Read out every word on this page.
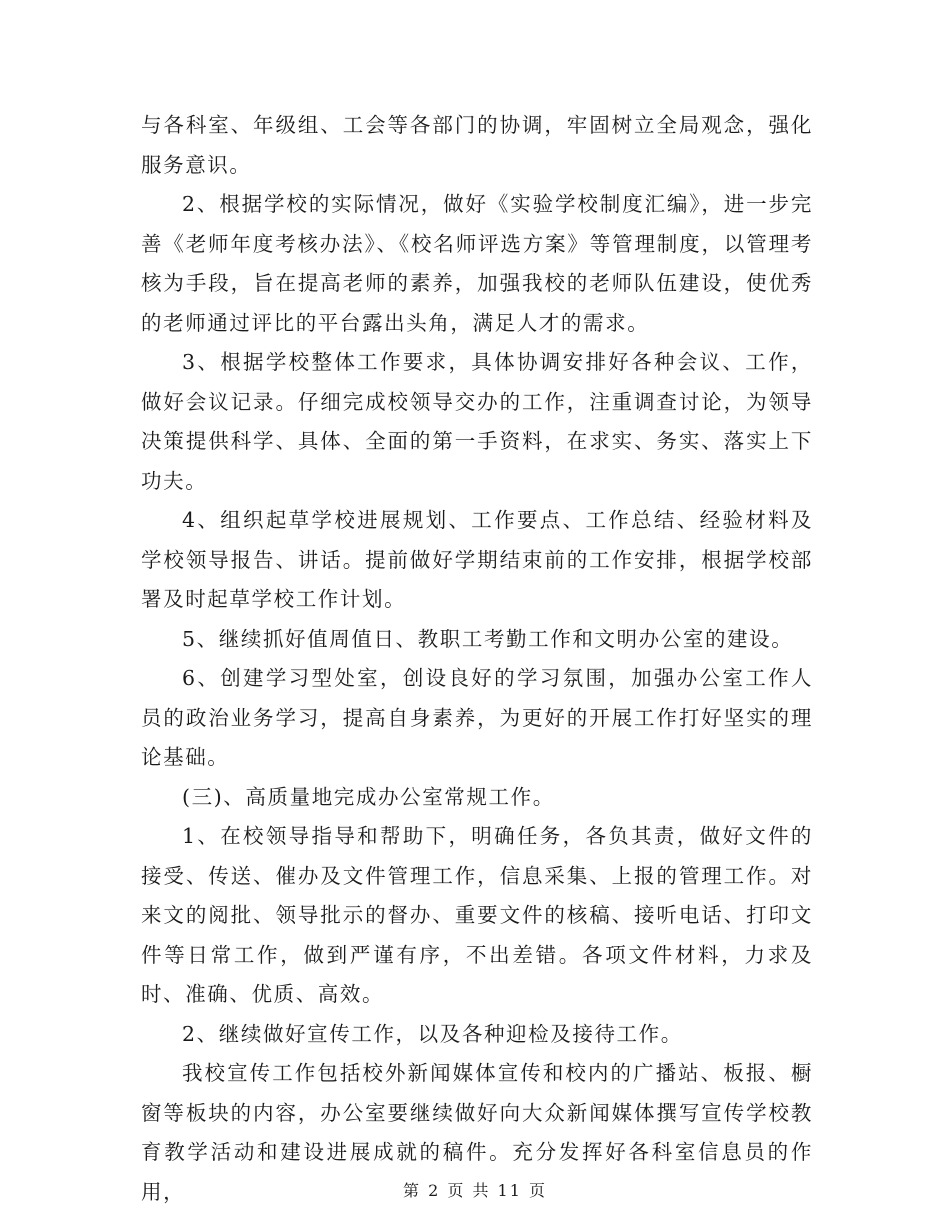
与各科室、年级组、工会等各部门的协调，牢固树立全局观念，强化服务意识。

2、根据学校的实际情况，做好《实验学校制度汇编》，进一步完善《老师年度考核办法》、《校名师评选方案》等管理制度，以管理考核为手段，旨在提高老师的素养，加强我校的老师队伍建设，使优秀的老师通过评比的平台露出头角，满足人才的需求。

3、根据学校整体工作要求，具体协调安排好各种会议、工作，做好会议记录。仔细完成校领导交办的工作，注重调查讨论，为领导决策提供科学、具体、全面的第一手资料，在求实、务实、落实上下功夫。

4、组织起草学校进展规划、工作要点、工作总结、经验材料及学校领导报告、讲话。提前做好学期结束前的工作安排，根据学校部署及时起草学校工作计划。

5、继续抓好值周值日、教职工考勤工作和文明办公室的建设。

6、创建学习型处室，创设良好的学习氛围，加强办公室工作人员的政治业务学习，提高自身素养，为更好的开展工作打好坚实的理论基础。

(三)、高质量地完成办公室常规工作。

1、在校领导指导和帮助下，明确任务，各负其责，做好文件的接受、传送、催办及文件管理工作，信息采集、上报的管理工作。对来文的阅批、领导批示的督办、重要文件的核稿、接听电话、打印文件等日常工作，做到严谨有序，不出差错。各项文件材料，力求及时、准确、优质、高效。

2、继续做好宣传工作，以及各种迎检及接待工作。

我校宣传工作包括校外新闻媒体宣传和校内的广播站、板报、橱窗等板块的内容，办公室要继续做好向大众新闻媒体撰写宣传学校教育教学活动和建设进展成就的稿件。充分发挥好各科室信息员的作用，	第 2 页 共 11 页
